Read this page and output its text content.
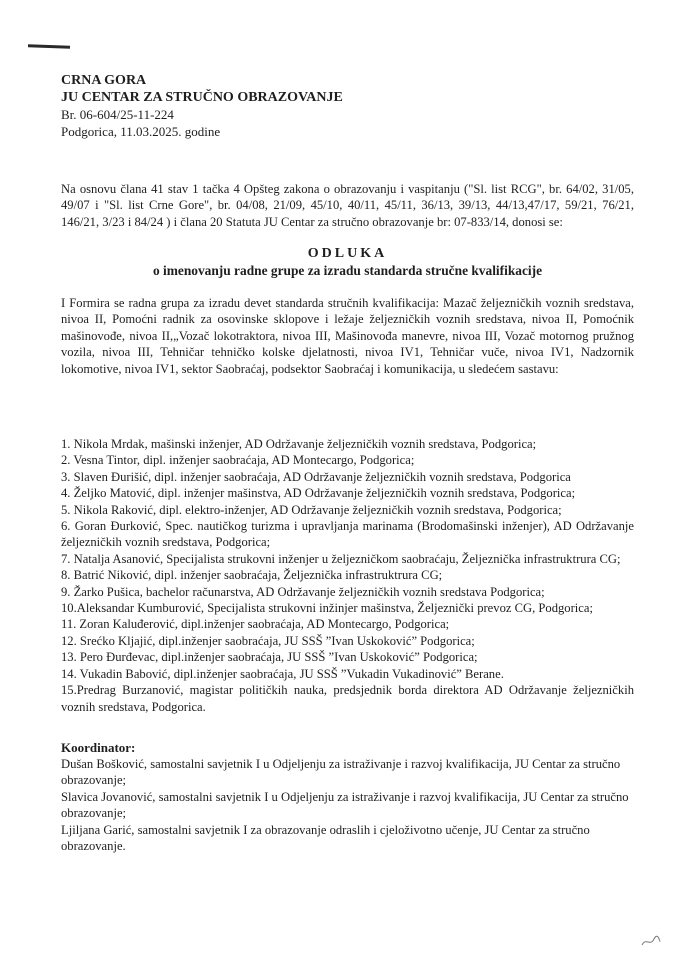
CRNA GORA
JU CENTAR ZA STRUČNO OBRAZOVANJE
Br. 06-604/25-11-224
Podgorica, 11.03.2025. godine
Na osnovu člana 41 stav 1 tačka 4 Opšteg zakona o obrazovanju i vaspitanju ("Sl. list RCG", br. 64/02, 31/05, 49/07 i "Sl. list Crne Gore", br. 04/08, 21/09, 45/10, 40/11, 45/11, 36/13, 39/13, 44/13,47/17, 59/21, 76/21, 146/21, 3/23 i 84/24 ) i člana 20 Statuta JU Centar za stručno obrazovanje br: 07-833/14, donosi se:
ODLUKA
o imenovanju radne grupe za izradu standarda stručne kvalifikacije
I Formira se radna grupa za izradu devet standarda stručnih kvalifikacija: Mazač željezničkih voznih sredstava, nivoa II, Pomoćni radnik za osovinske sklopove i ležaje željezničkih voznih sredstava, nivoa II, Pomoćnik mašinovođe, nivoa II,„Vozač lokotraktora, nivoa III, Mašinovođa manevre, nivoa III, Vozač motornog pružnog vozila, nivoa III, Tehničar tehničko kolske djelatnosti, nivoa IV1, Tehničar vuče, nivoa IV1, Nadzornik lokomotive, nivoa IV1, sektor Saobraćaj, podsektor Saobraćaj i komunikacija, u sledećem sastavu:
1. Nikola Mrdak, mašinski inženjer, AD Održavanje željezničkih voznih sredstava, Podgorica;
2. Vesna Tintor, dipl. inženjer saobraćaja, AD Montecargo, Podgorica;
3. Slaven Đurišić, dipl. inženjer saobraćaja, AD Održavanje željezničkih voznih sredstava, Podgorica
4. Željko Matović, dipl. inženjer mašinstva, AD Održavanje željezničkih voznih sredstava, Podgorica;
5. Nikola Raković, dipl. elektro-inženjer, AD Održavanje željezničkih voznih sredstava, Podgorica;
6. Goran Đurković, Spec. nautičkog turizma i upravljanja marinama (Brodomašinski inženjer), AD Održavanje željezničkih voznih sredstava, Podgorica;
7. Natalja Asanović, Specijalista strukovni inženjer u željezničkom saobraćaju, Željeznička infrastruktrura CG;
8. Batrić Niković, dipl. inženjer saobraćaja, Željeznička infrastruktrura CG;
9. Žarko Pušica, bachelor računarstva, AD Održavanje željezničkih voznih sredstava Podgorica;
10.Aleksandar Kumburović, Specijalista strukovni inžinjer mašinstva, Željeznički prevoz CG, Podgorica;
11. Zoran Kaluđerović, dipl.inženjer saobraćaja, AD Montecargo, Podgorica;
12. Srećko Kljajić, dipl.inženjer saobraćaja, JU SSŠ ”Ivan Uskoković” Podgorica;
13. Pero Đurđevac, dipl.inženjer saobraćaja, JU SSŠ ”Ivan Uskoković” Podgorica;
14. Vukadin Babović, dipl.inženjer saobraćaja, JU SSŠ ”Vukadin Vukadinović” Berane.
15.Predrag Burzanović, magistar političkih nauka, predsjednik borda direktora AD Održavanje željezničkih voznih sredstava, Podgorica.
Koordinator:
Dušan Bošković, samostalni savjetnik I u Odjeljenju za istraživanje i razvoj kvalifikacija, JU Centar za stručno obrazovanje;
Slavica Jovanović, samostalni savjetnik I u Odjeljenju za istraživanje i razvoj kvalifikacija, JU Centar za stručno obrazovanje;
Ljiljana Garić, samostalni savjetnik I za obrazovanje odraslih i cjeloživotno učenje, JU Centar za stručno obrazovanje.
